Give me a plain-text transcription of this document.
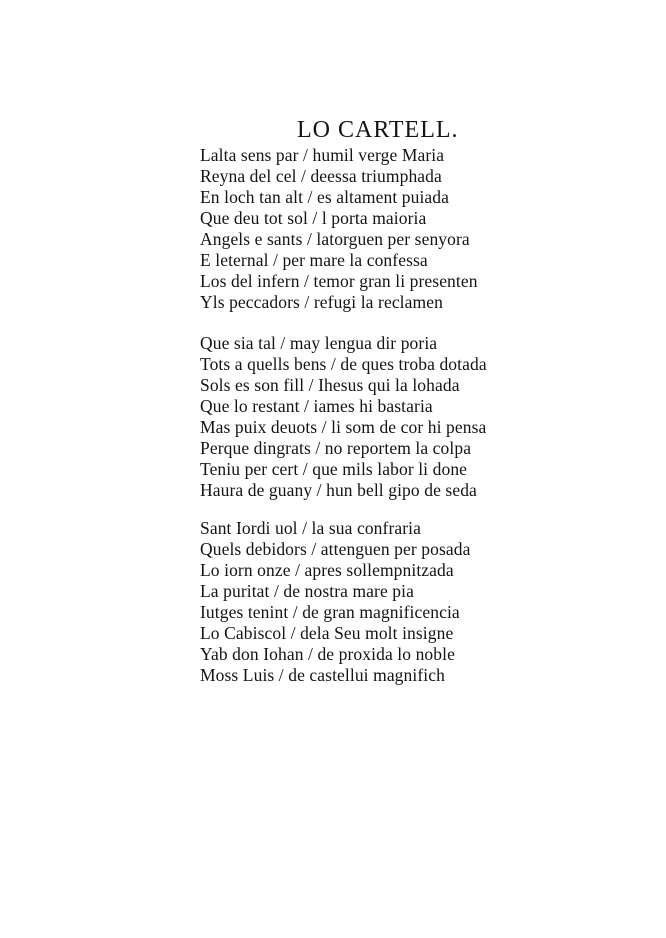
LO CARTELL.
Lalta sens par / humil verge Maria
Reyna del cel / deessa triumphada
En loch tan alt / es altament puiada
Que deu tot sol / l porta maioria
Angels e sants / latorguen per senyora
E leternal / per mare la confessa
Los del infern / temor gran li presenten
Yls peccadors / refugi la reclamen
Que sia tal / may lengua dir poria
Tots a quells bens / de ques troba dotada
Sols es son fill / Ihesus qui la lohada
Que lo restant / iames hi bastaria
Mas puix deuots / li som de cor hi pensa
Perque dingrats / no reportem la colpa
Teniu per cert / que mils labor li done
Haura de guany / hun bell gipo de seda
Sant Iordi uol / la sua confraria
Quels debidors / attenguen per posada
Lo iorn onze / apres sollempnitzada
La puritat / de nostra mare pia
Iutges tenint / de gran magnificencia
Lo Cabiscol / dela Seu molt insigne
Yab don Iohan / de proxida lo noble
Moss Luis / de castellui magnifich
